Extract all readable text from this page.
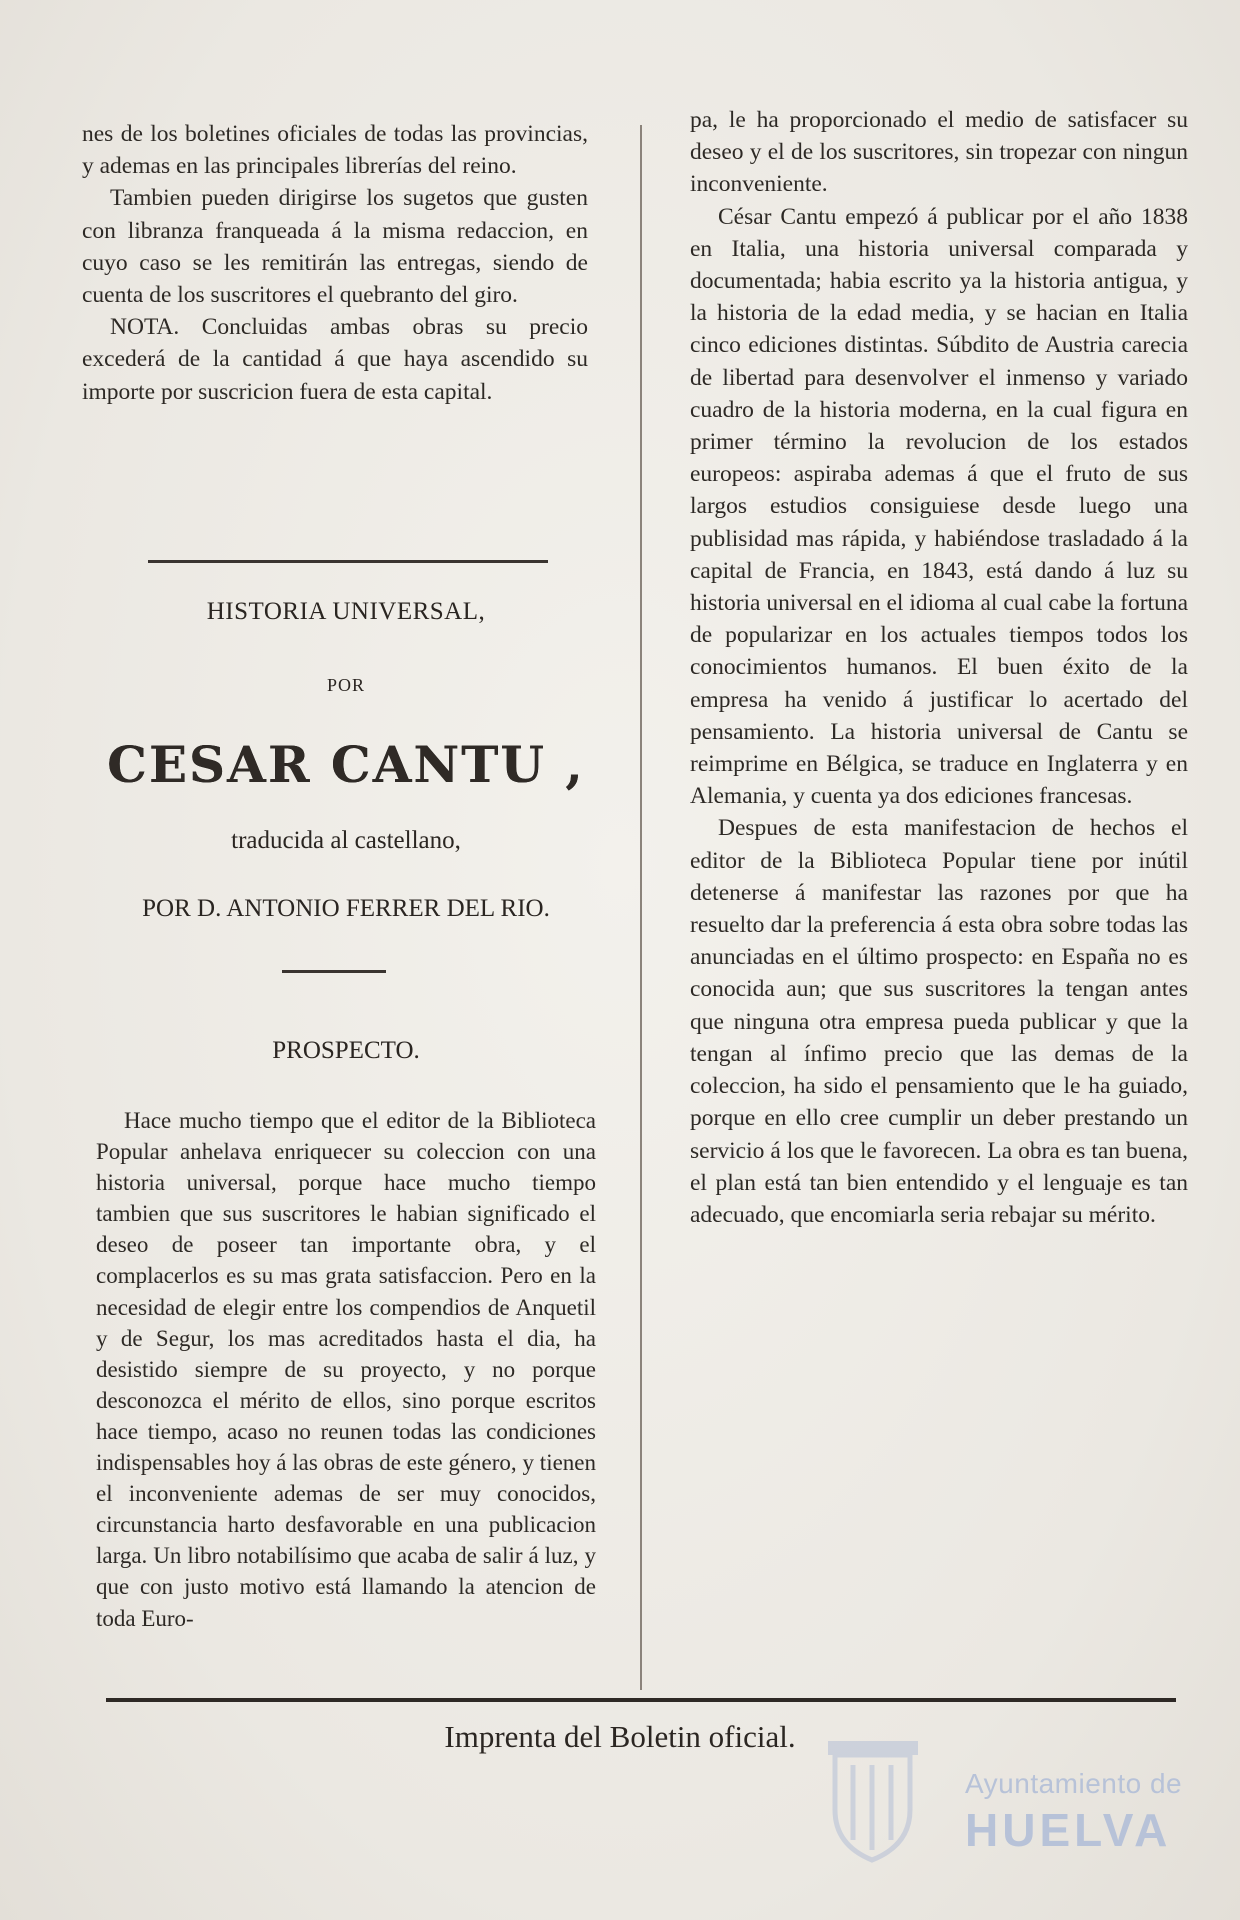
nes de los boletines oficiales de todas las provincias, y ademas en las principales librerías del reino.

Tambien pueden dirigirse los sugetos que gusten con libranza franqueada á la misma redaccion, en cuyo caso se les remitirán las entregas, siendo de cuenta de los suscritores el quebranto del giro.

NOTA. Concluidas ambas obras su precio excederá de la cantidad á que haya ascendido su importe por suscricion fuera de esta capital.

HISTORIA UNIVERSAL,
POR
CESAR CANTU ,
traducida al castellano,
POR D. ANTONIO FERRER DEL RIO.
PROSPECTO.

Hace mucho tiempo que el editor de la Biblioteca Popular anhelava enriquecer su coleccion con una historia universal, porque hace mucho tiempo tambien que sus suscritores le habian significado el deseo de poseer tan importante obra, y el complacerlos es su mas grata satisfaccion. Pero en la necesidad de elegir entre los compendios de Anquetil y de Segur, los mas acreditados hasta el dia, ha desistido siempre de su proyecto, y no porque desconozca el mérito de ellos, sino porque escritos hace tiempo, acaso no reunen todas las condiciones indispensables hoy á las obras de este género, y tienen el inconveniente ademas de ser muy conocidos, circunstancia harto desfavorable en una publicacion larga. Un libro notabilísimo que acaba de salir á luz, y que con justo motivo está llamando la atencion de toda Euro-

pa, le ha proporcionado el medio de satisfacer su deseo y el de los suscritores, sin tropezar con ningun inconveniente.

César Cantu empezó á publicar por el año 1838 en Italia, una historia universal comparada y documentada; habia escrito ya la historia antigua, y la historia de la edad media, y se hacian en Italia cinco ediciones distintas. Súbdito de Austria carecia de libertad para desenvolver el inmenso y variado cuadro de la historia moderna, en la cual figura en primer término la revolucion de los estados europeos: aspiraba ademas á que el fruto de sus largos estudios consiguiese desde luego una publisidad mas rápida, y habiéndose trasladado á la capital de Francia, en 1843, está dando á luz su historia universal en el idioma al cual cabe la fortuna de popularizar en los actuales tiempos todos los conocimientos humanos. El buen éxito de la empresa ha venido á justificar lo acertado del pensamiento. La historia universal de Cantu se reimprime en Bélgica, se traduce en Inglaterra y en Alemania, y cuenta ya dos ediciones francesas.

Despues de esta manifestacion de hechos el editor de la Biblioteca Popular tiene por inútil detenerse á manifestar las razones por que ha resuelto dar la preferencia á esta obra sobre todas las anunciadas en el último prospecto: en España no es conocida aun; que sus suscritores la tengan antes que ninguna otra empresa pueda publicar y que la tengan al ínfimo precio que las demas de la coleccion, ha sido el pensamiento que le ha guiado, porque en ello cree cumplir un deber prestando un servicio á los que le favorecen. La obra es tan buena, el plan está tan bien entendido y el lenguaje es tan adecuado, que encomiarla seria rebajar su mérito.

Imprenta del Boletin oficial.
Ayuntamiento de
HUELVA
